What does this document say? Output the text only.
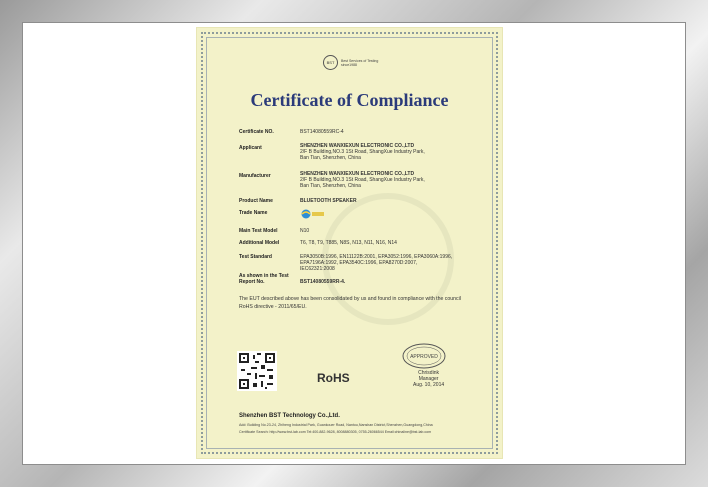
BST	Best Services of Testing
since1988
Certificate of Compliance
Certificate NO.	BST14080559RC-4
Applicant	SHENZHEN WANXIEXUN ELECTRONIC CO.,LTD
2/F B Building,NO.3 1St Road, ShangXue Industry Park,
Ban Tian, Shenzhen, China
Manufacturer	SHENZHEN WANXIEXUN ELECTRONIC CO.,LTD
2/F B Building,NO.3 1St Road, ShangXue Industry Park,
Ban Tian, Shenzhen, China
Product Name	BLUETOOTH SPEAKER
Trade Name
Main Test Model	N10
Additional Model	T6, T8, T9, T885, N8S, N13, N11, N16, N14
Test Standard	EPA3050B:1996, EN11122B:2001, EPA3052:1996, EPA3060A:1996,
EPA7196A:1992, EPA3540C:1996, EPA8270D:2007,
IEC62321:2008
As shown in the Test Report No.	BST14080559RR-4.
The EUT described above has been consolidated by us and found in compliance with the council RoHS directive - 2011/65/EU.
RoHS
APPROVED
Chrisdink
Manager
Aug. 10, 2014
Shenzhen BST Technology Co.,Ltd.
Add: Building No.23-24, Zhiheng Industrial Park, Guankouer Road, Nantou,Nanshan District,Shenzhen,Guangdong,China
Certificate Search: http://www.bst-lab.com Tel:400-882-9628, 8008880305, 0755-26066544 Email:chinaline@bst-lab.com
